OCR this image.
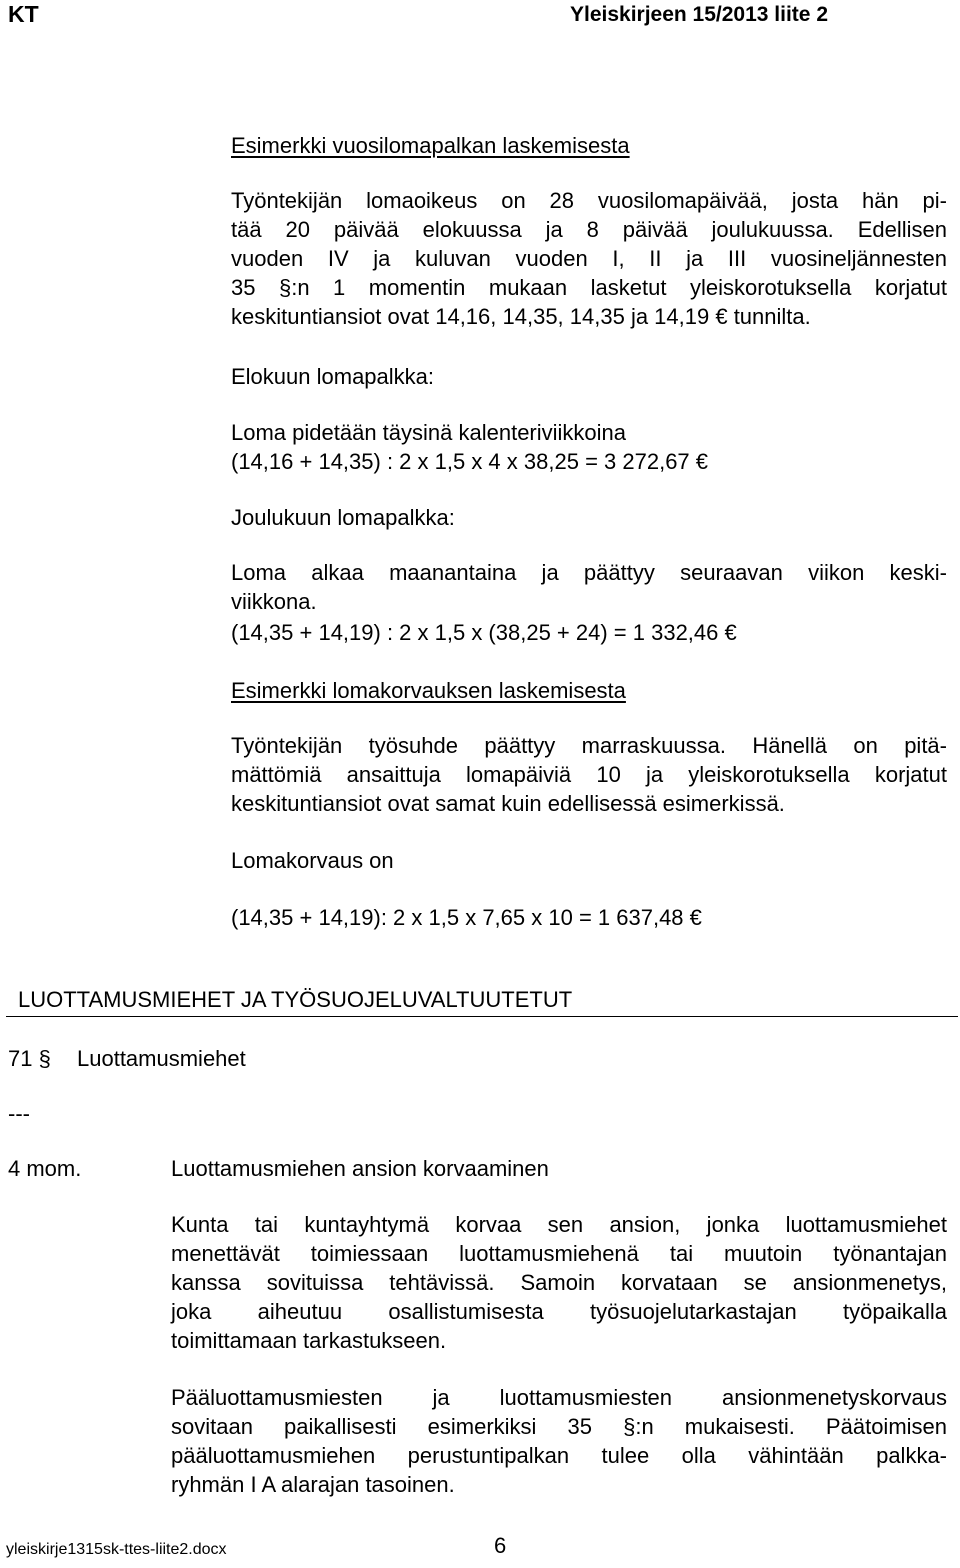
KT	Yleiskirjeen 15/2013 liite 2
Esimerkki vuosilomapalkan laskemisesta
Työntekijän lomaoikeus on 28 vuosilomapäivää, josta hän pi-
tää 20 päivää elokuussa ja 8 päivää joulukuussa. Edellisen
vuoden IV ja kuluvan vuoden I, II ja III vuosineljännesten
35 §:n 1 momentin mukaan lasketut yleiskorotuksella korjatut
keskituntiansiot ovat 14,16, 14,35, 14,35 ja 14,19 € tunnilta.
Elokuun lomapalkka:
Loma pidetään täysinä kalenteriviikkoina
(14,16 + 14,35) : 2 x 1,5 x 4 x 38,25 = 3 272,67 €
Joulukuun lomapalkka:
Loma alkaa maanantaina ja päättyy seuraavan viikon keski-
viikkona.
(14,35 + 14,19) : 2 x 1,5 x (38,25 + 24) = 1 332,46 €
Esimerkki lomakorvauksen laskemisesta
Työntekijän työsuhde päättyy marraskuussa. Hänellä on pitä-
mättömiä ansaittuja lomapäiviä 10 ja yleiskorotuksella korjatut
keskituntiansiot ovat samat kuin edellisessä esimerkissä.
Lomakorvaus on
(14,35 + 14,19): 2 x 1,5 x 7,65 x 10 = 1 637,48 €
LUOTTAMUSMIEHET JA TYÖSUOJELUVALTUUTETUT
71 § Luottamusmiehet
---
4 mom.	Luottamusmiehen ansion korvaaminen
Kunta tai kuntayhtymä korvaa sen ansion, jonka luottamusmiehet
menettävät toimiessaan luottamusmiehenä tai muutoin työnantajan
kanssa sovituissa tehtävissä. Samoin korvataan se ansionmenetys,
joka aiheutuu osallistumisesta työsuojelutarkastajan työpaikalla
toimittamaan tarkastukseen.
Pääluottamusmiesten ja luottamusmiesten ansionmenetyskorvaus
sovitaan paikallisesti esimerkiksi 35 §:n mukaisesti. Päätoimisen
pääluottamusmiehen perustuntipalkan tulee olla vähintään palkka-
ryhmän I A alarajan tasoinen.
yleiskirje1315sk-ttes-liite2.docx	6
